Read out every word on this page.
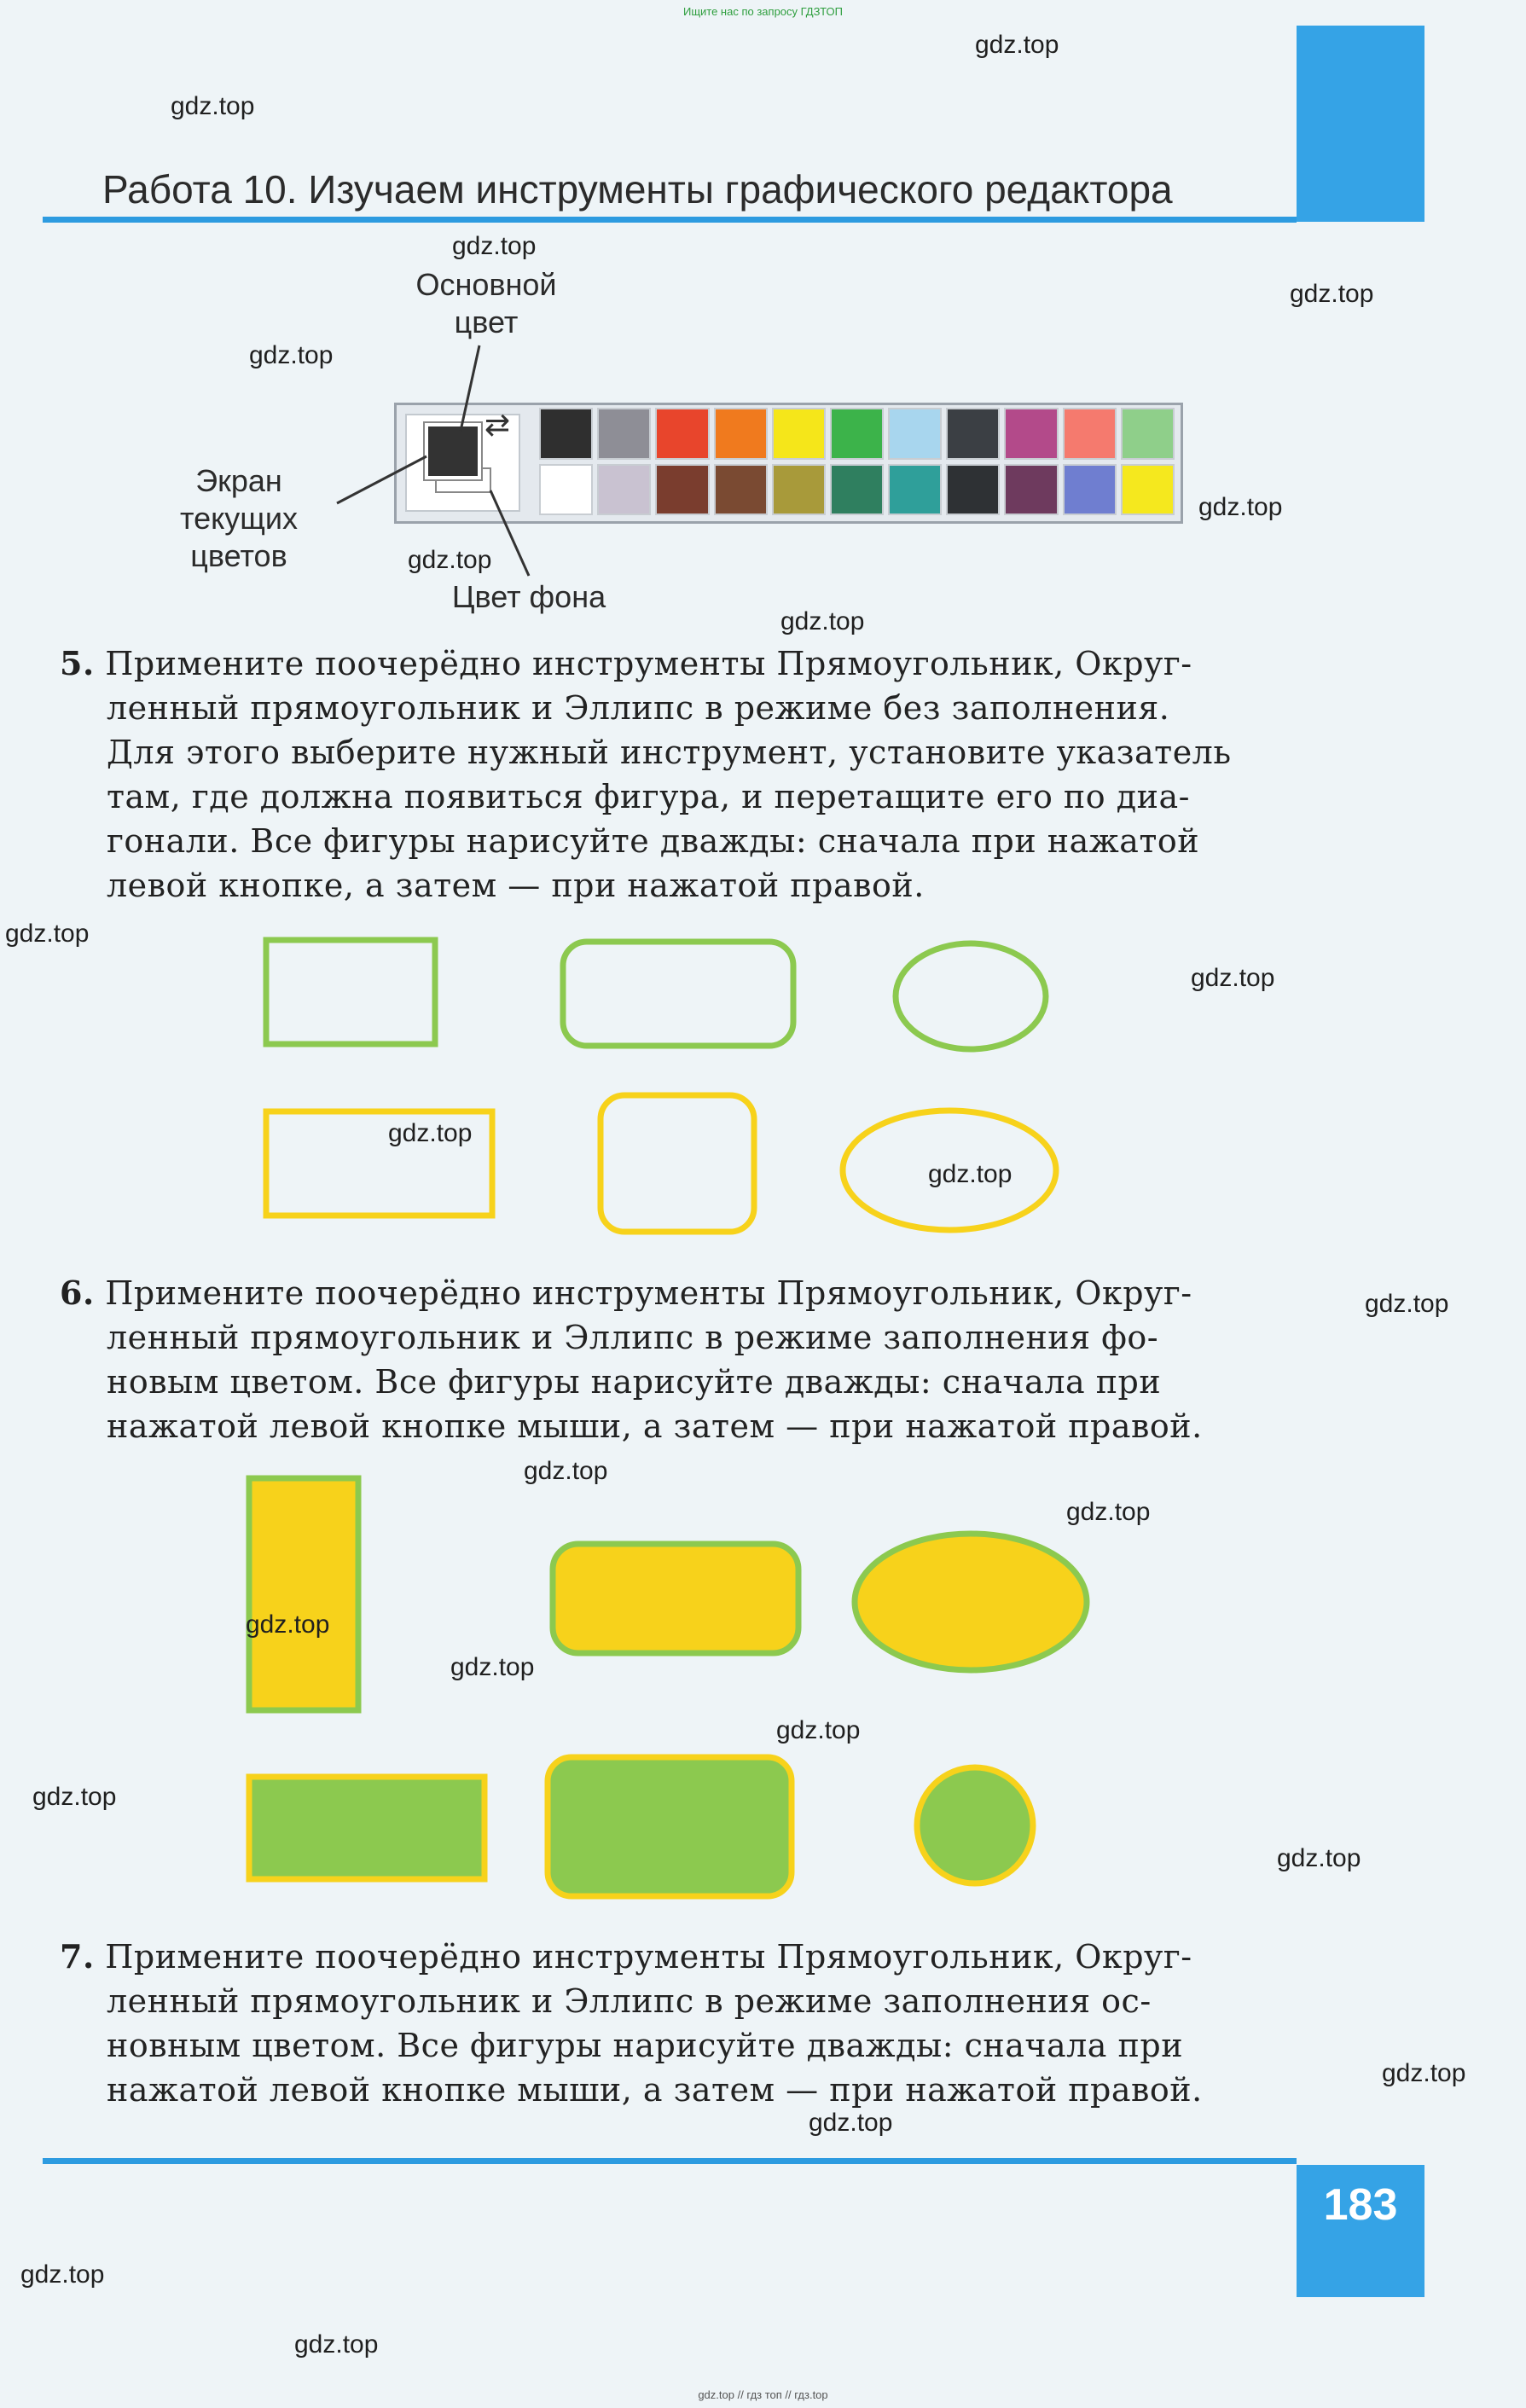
Ищите нас по запросу ГДЗТОП
gdz.top // гдз топ // гдз.top
Работа 10. Изучаем инструменты графического редактора
Основной
цвет
Экран
текущих
цветов
Цвет фона
⇄
5. Примените поочерёдно инструменты Прямоугольник, Округ-
ленный прямоугольник и Эллипс в режиме без заполнения.
Для этого выберите нужный инструмент, установите указатель
там, где должна появиться фигура, и перетащите его по диа-
гонали. Все фигуры нарисуйте дважды: сначала при нажатой
левой кнопке, а затем — при нажатой правой.
6. Примените поочерёдно инструменты Прямоугольник, Округ-
ленный прямоугольник и Эллипс в режиме заполнения фо-
новым цветом. Все фигуры нарисуйте дважды: сначала при
нажатой левой кнопке мыши, а затем — при нажатой правой.
7. Примените поочерёдно инструменты Прямоугольник, Округ-
ленный прямоугольник и Эллипс в режиме заполнения ос-
новным цветом. Все фигуры нарисуйте дважды: сначала при
нажатой левой кнопке мыши, а затем — при нажатой правой.
183
gdz.top
gdz.top
gdz.top
gdz.top
gdz.top
gdz.top
gdz.top
gdz.top
gdz.top
gdz.top
gdz.top
gdz.top
gdz.top
gdz.top
gdz.top
gdz.top
gdz.top
gdz.top
gdz.top
gdz.top
gdz.top
gdz.top
gdz.top
gdz.top
